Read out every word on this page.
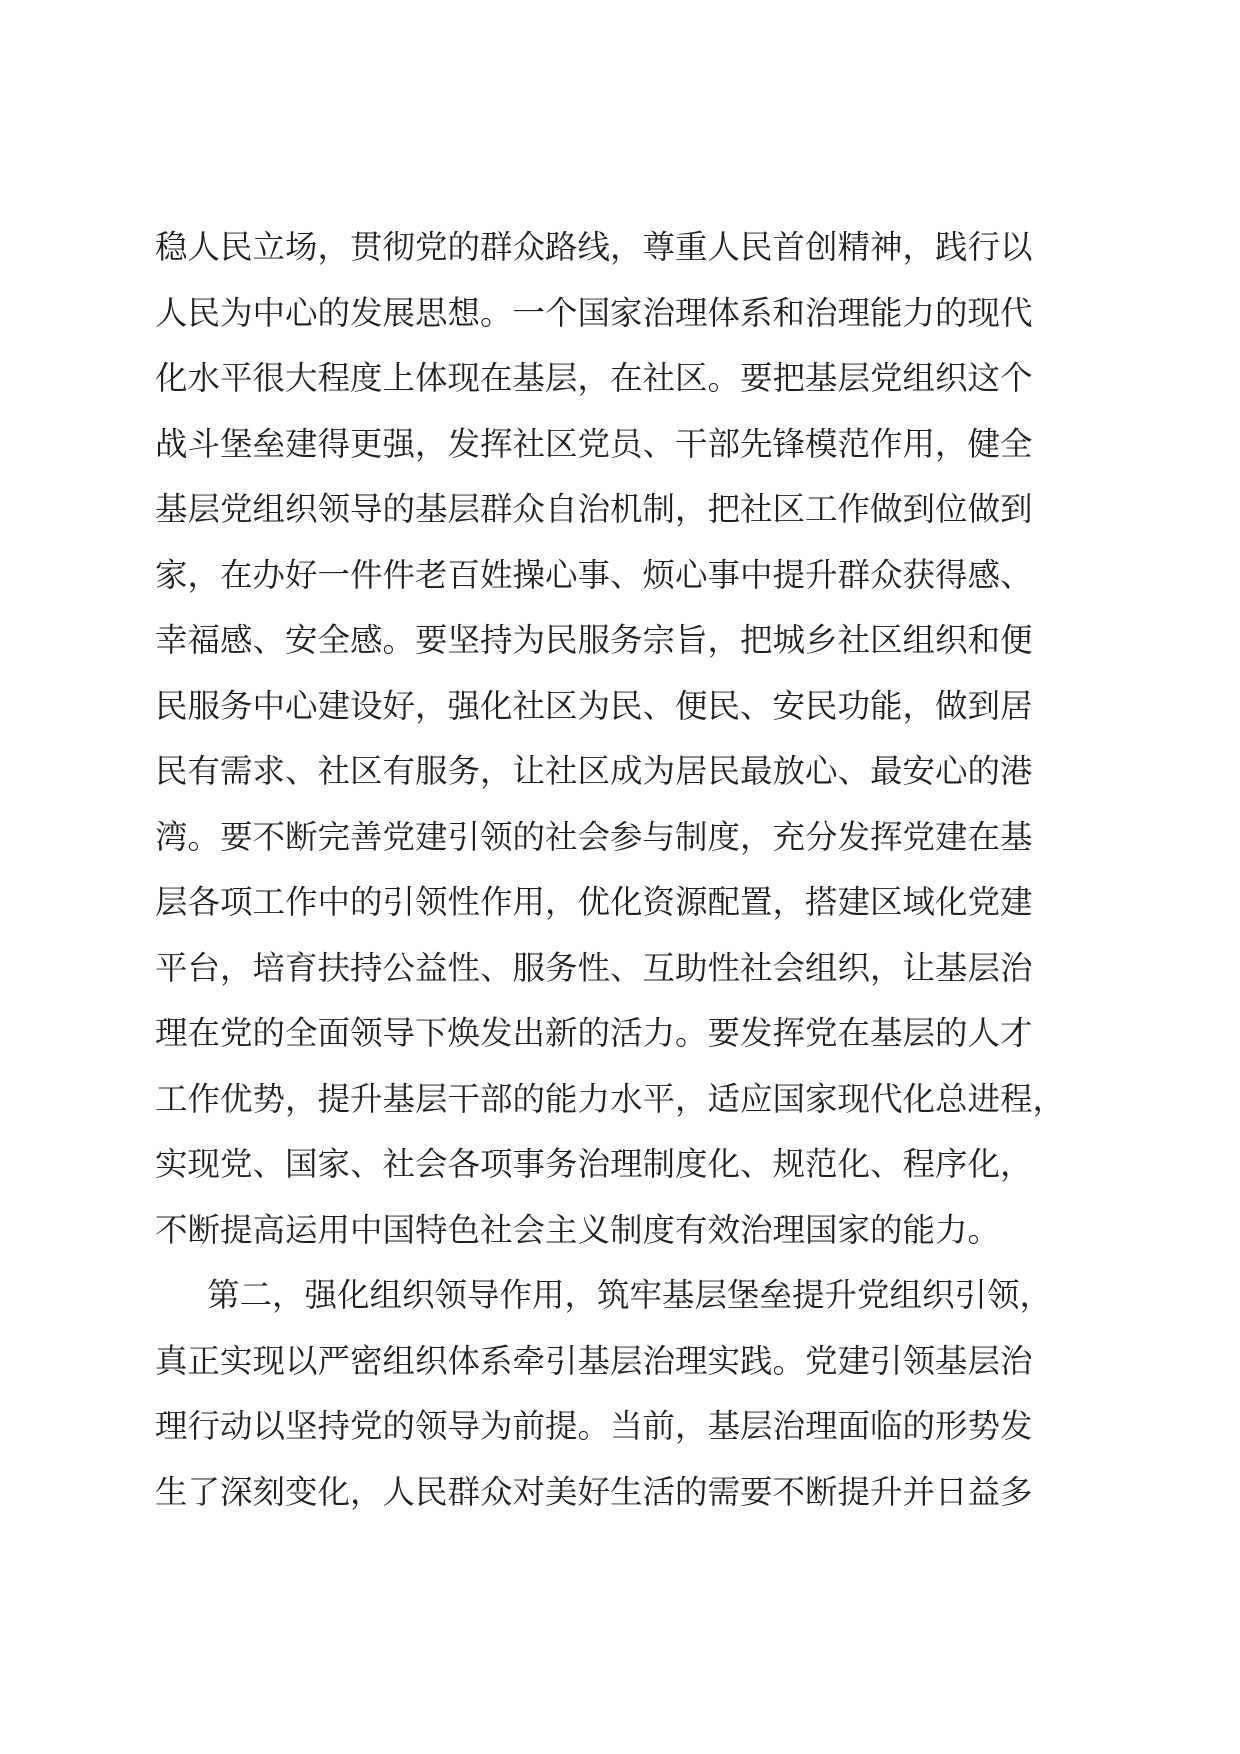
稳人民立场，贯彻党的群众路线，尊重人民首创精神，践行以
人民为中心的发展思想。一个国家治理体系和治理能力的现代
化水平很大程度上体现在基层，在社区。要把基层党组织这个
战斗堡垒建得更强，发挥社区党员、干部先锋模范作用，健全
基层党组织领导的基层群众自治机制，把社区工作做到位做到
家，在办好一件件老百姓操心事、烦心事中提升群众获得感、
幸福感、安全感。要坚持为民服务宗旨，把城乡社区组织和便
民服务中心建设好，强化社区为民、便民、安民功能，做到居
民有需求、社区有服务，让社区成为居民最放心、最安心的港
湾。要不断完善党建引领的社会参与制度，充分发挥党建在基
层各项工作中的引领性作用，优化资源配置，搭建区域化党建
平台，培育扶持公益性、服务性、互助性社会组织，让基层治
理在党的全面领导下焕发出新的活力。要发挥党在基层的人才
工作优势，提升基层干部的能力水平，适应国家现代化总进程，
实现党、国家、社会各项事务治理制度化、规范化、程序化，
不断提高运用中国特色社会主义制度有效治理国家的能力。
第二，强化组织领导作用，筑牢基层堡垒提升党组织引领，
真正实现以严密组织体系牵引基层治理实践。党建引领基层治
理行动以坚持党的领导为前提。当前，基层治理面临的形势发
生了深刻变化，人民群众对美好生活的需要不断提升并日益多
